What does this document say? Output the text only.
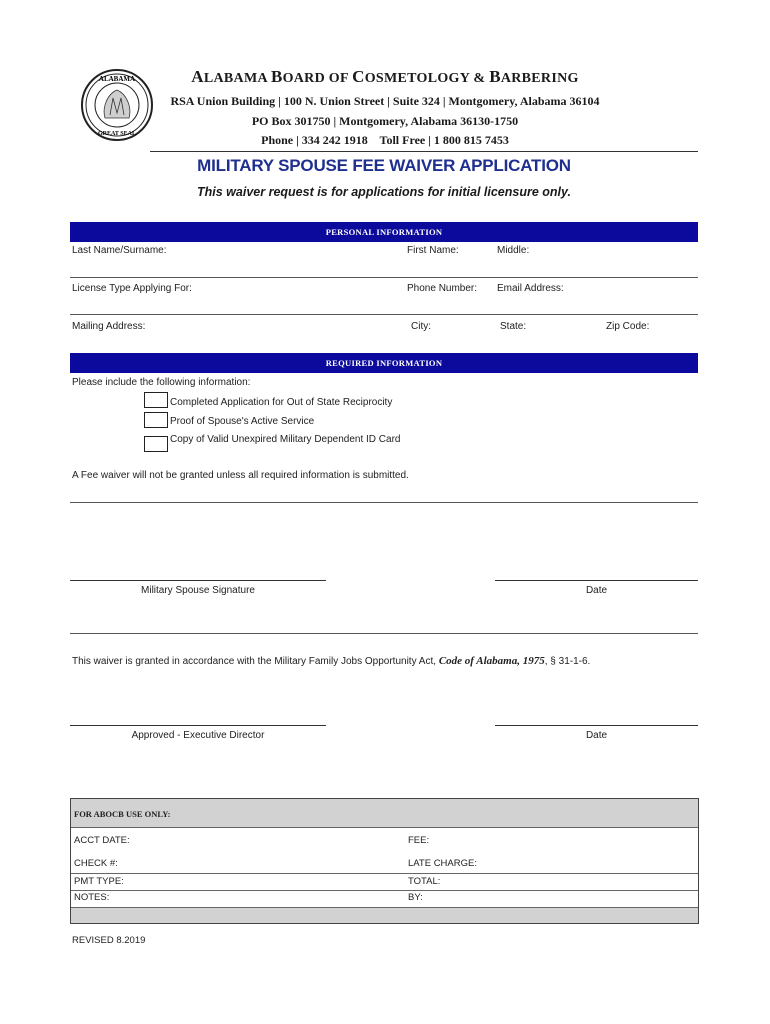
ALABAMA
GREAT SEAL
ALABAMA BOARD OF COSMETOLOGY & BARBERING
RSA Union Building | 100 N. Union Street | Suite 324 | Montgomery, Alabama 36104
PO Box 301750 | Montgomery, Alabama 36130-1750
Phone | 334 242 1918    Toll Free | 1 800 815 7453
MILITARY SPOUSE FEE WAIVER APPLICATION
This waiver request is for applications for initial licensure only.
PERSONAL INFORMATION
Last Name/Surname:	First Name:	Middle:
License Type Applying For:	Phone Number: Email Address:
Mailing Address:	City:	State:	Zip Code:
REQUIRED INFORMATION
Please include the following information:
Completed Application for Out of State Reciprocity
Proof of Spouse's Active Service
Copy of Valid Unexpired Military Dependent ID Card
A Fee waiver will not be granted unless all required information is submitted.
Military Spouse Signature	Date
This waiver is granted in accordance with the Military Family Jobs Opportunity Act, Code of Alabama, 1975, § 31-1-6.
Approved - Executive Director	Date
FOR ABOCB USE ONLY:
ACCT DATE:	FEE:
CHECK #:	LATE CHARGE:
PMT TYPE:	TOTAL:
NOTES:	BY:
REVISED 8.2019
